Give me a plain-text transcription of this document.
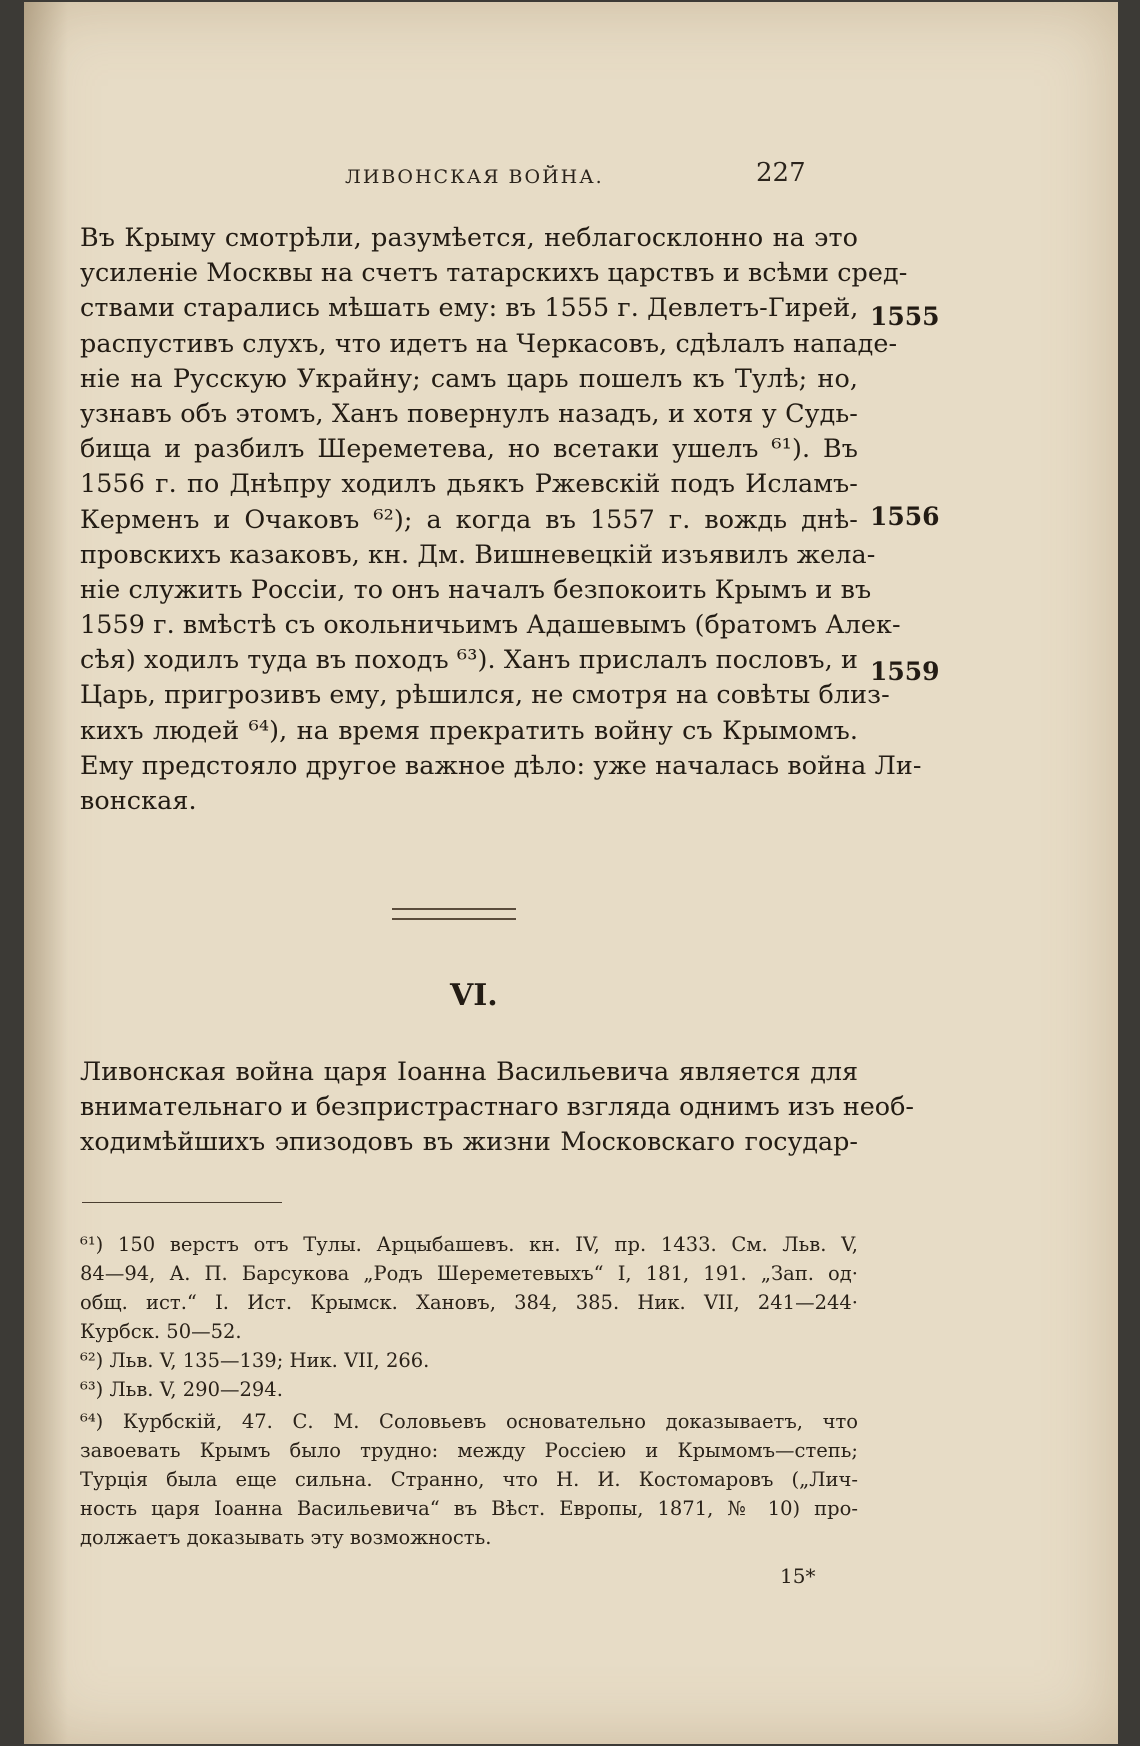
ЛИВОНСКАЯ ВОЙНА.	227
Въ Крыму смотрѣли, разумѣется, неблагосклонно на это
усиленіе Москвы на счетъ татарскихъ царствъ и всѣми сред-
ствами старались мѣшать ему: въ 1555 г. Девлетъ-Гирей,
распустивъ слухъ, что идетъ на Черкасовъ, сдѣлалъ нападе-
ніе на Русскую Украйну; самъ царь пошелъ къ Тулѣ; но,
узнавъ объ этомъ, Ханъ повернулъ назадъ, и хотя у Судь-
бища и разбилъ Шереметева, но всетаки ушелъ ⁶¹). Въ
1556 г. по Днѣпру ходилъ дьякъ Ржевскій подъ Исламъ-
Керменъ и Очаковъ ⁶²); а когда въ 1557 г. вождь днѣ-
провскихъ казаковъ, кн. Дм. Вишневецкій изъявилъ жела-
ніе служить Россіи, то онъ началъ безпокоить Крымъ и въ
1559 г. вмѣстѣ съ окольничьимъ Адашевымъ (братомъ Алек-
сѣя) ходилъ туда въ походъ ⁶³). Ханъ прислалъ пословъ, и
Царь, пригрозивъ ему, рѣшился, не смотря на совѣты близ-
кихъ людей ⁶⁴), на время прекратить войну съ Крымомъ.
Ему предстояло другое важное дѣло: уже началась война Ли-
вонская.
1555
1556
1559
VI.
Ливонская война царя Іоанна Васильевича является для
внимательнаго и безпристрастнаго взгляда однимъ изъ необ-
ходимѣйшихъ эпизодовъ въ жизни Московскаго государ-
⁶¹) 150 верстъ отъ Тулы. Арцыбашевъ. кн. IV, пр. 1433. См. Льв. V,
84—94, А. П. Барсукова „Родъ Шереметевыхъ“ I, 181, 191. „Зап. од·
общ. ист.“ I. Ист. Крымск. Хановъ, 384, 385. Ник. VII, 241—244·
Курбск. 50—52.
⁶²) Льв. V, 135—139; Ник. VII, 266.
⁶³) Льв. V, 290—294.
⁶⁴) Курбскій, 47. С. М. Соловьевъ основательно доказываетъ, что
завоевать Крымъ было трудно: между Россіею и Крымомъ—степь;
Турція была еще сильна. Странно, что Н. И. Костомаровъ („Лич-
ность царя Іоанна Васильевича“ въ Вѣст. Европы, 1871, № 10) про-
должаетъ доказывать эту возможность.
15*
